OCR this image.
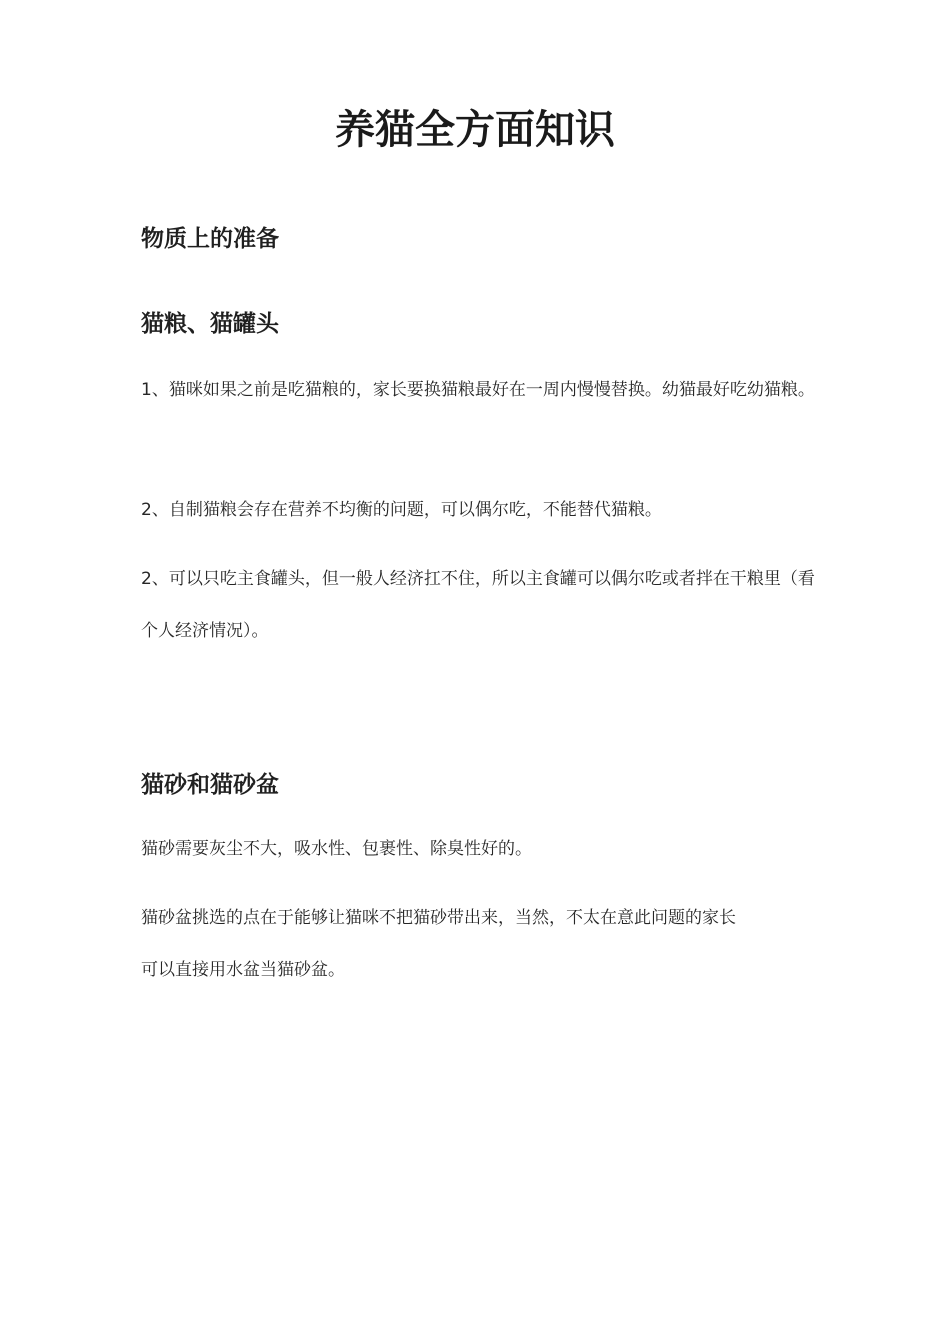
养猫全方面知识
物质上的准备
猫粮、猫罐头

1、猫咪如果之前是吃猫粮的，家长要换猫粮最好在一周内慢慢替换。幼猫最好吃幼猫粮。

2、自制猫粮会存在营养不均衡的问题，可以偶尔吃，不能替代猫粮。

2、可以只吃主食罐头，但一般人经济扛不住，所以主食罐可以偶尔吃或者拌在干粮里（看个人经济情况）。

猫砂和猫砂盆

猫砂需要灰尘不大，吸水性、包裹性、除臭性好的。

猫砂盆挑选的点在于能够让猫咪不把猫砂带出来，当然，不太在意此问题的家长

可以直接用水盆当猫砂盆。
